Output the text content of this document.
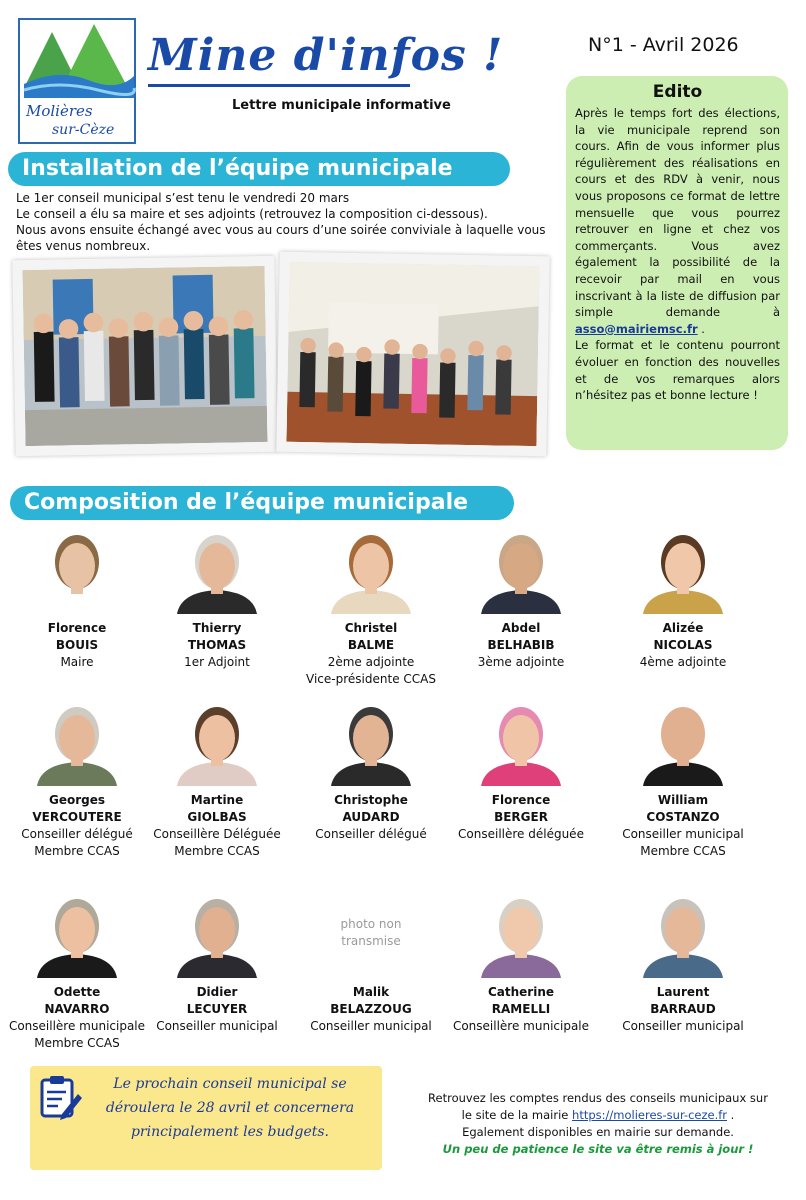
Molières
sur-Cèze
Mine d'infos !
Lettre municipale informative
N°1 - Avril 2026
Edito
Après le temps fort des élections, la vie municipale reprend son cours. Afin de vous informer plus régulièrement des réalisations en cours et des RDV à venir, nous vous proposons ce format de lettre mensuelle que vous pourrez retrouver en ligne et chez vos commerçants. Vous avez également la possibilité de la recevoir par mail en vous inscrivant à la liste de diffusion par simple demande à asso@mairiemsc.fr .
Le format et le contenu pourront évoluer en fonction des nouvelles et de vos remarques alors n’hésitez pas et bonne lecture !
Installation de l’équipe municipale
Le 1er conseil municipal s’est tenu le vendredi 20 mars
Le conseil a élu sa maire et ses adjoints (retrouvez la composition ci-dessous).
Nous avons ensuite échangé avec vous au cours d’une soirée conviviale à laquelle vous êtes venus nombreux.
Composition de l’équipe municipale
Florence
BOUIS
Maire
Thierry
THOMAS
1er Adjoint
Christel
BALME
2ème adjointe
Vice-présidente CCAS
Abdel
BELHABIB
3ème adjointe
Alizée
NICOLAS
4ème adjointe
Georges
VERCOUTERE
Conseiller délégué
Membre CCAS
Martine
GIOLBAS
Conseillère Déléguée
Membre CCAS
Christophe
AUDARD
Conseiller délégué
Florence
BERGER
Conseillère déléguée
William
COSTANZO
Conseiller municipal
Membre CCAS
Odette
NAVARRO
Conseillère municipale
Membre CCAS
Didier
LECUYER
Conseiller municipal
photo non
transmise
Malik
BELAZZOUG
Conseiller municipal
Catherine
RAMELLI
Conseillère municipale
Laurent
BARRAUD
Conseiller municipal
Le prochain conseil municipal se déroulera le 28 avril et concernera principalement les budgets.
Retrouvez les comptes rendus des conseils municipaux sur
le site de la mairie https://molieres-sur-ceze.fr .
Egalement disponibles en mairie sur demande.
Un peu de patience le site va être remis à jour !
